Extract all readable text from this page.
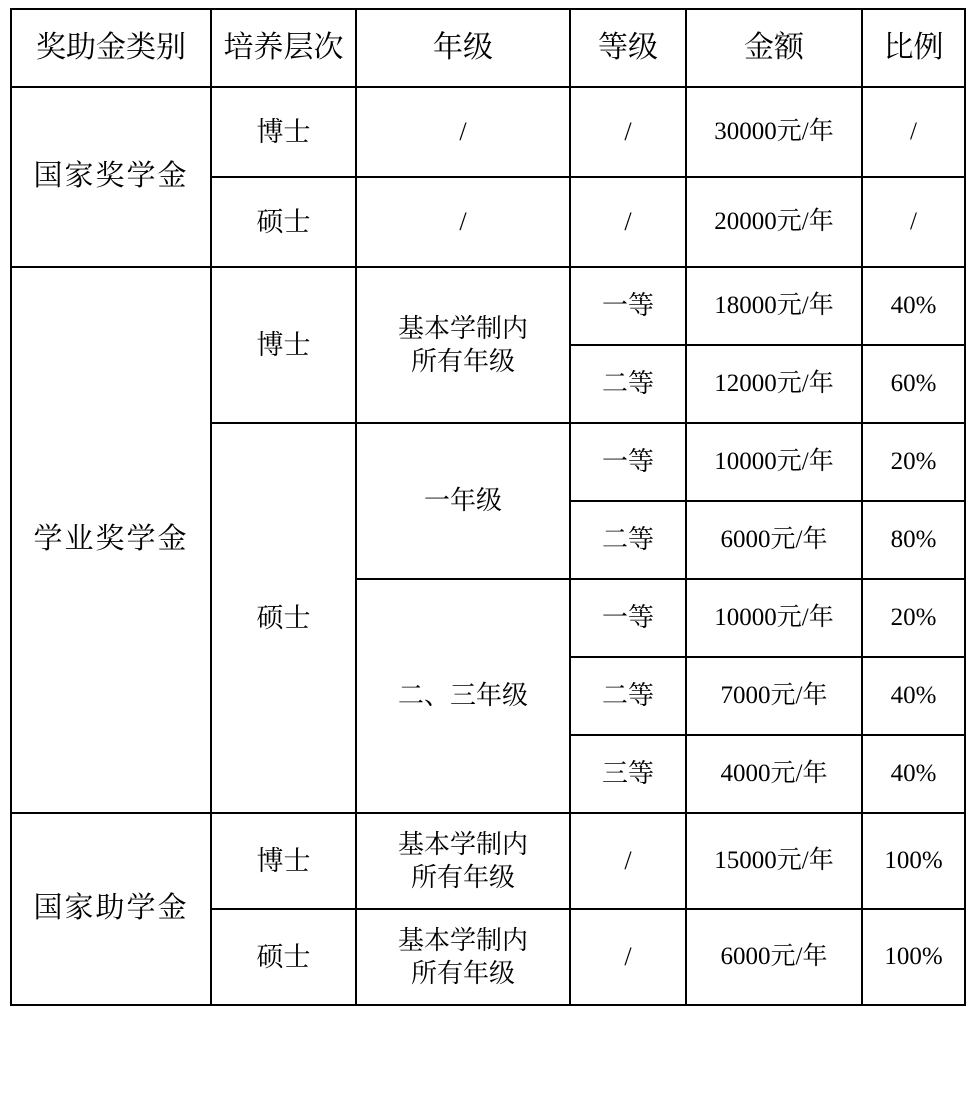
奖助金类别	培养层次	年级	等级	金额	比例
国家奖学金	博士	/	/	30000元/年	/
	硕士	/	/	20000元/年	/
学业奖学金	博士	基本学制内
所有年级	一等	18000元/年	40%
			二等	12000元/年	60%
	硕士	一年级	一等	10000元/年	20%
			二等	6000元/年	80%
		二、三年级	一等	10000元/年	20%
			二等	7000元/年	40%
			三等	4000元/年	40%
国家助学金	博士	基本学制内
所有年级	/	15000元/年	100%
	硕士	基本学制内
所有年级	/	6000元/年	100%
